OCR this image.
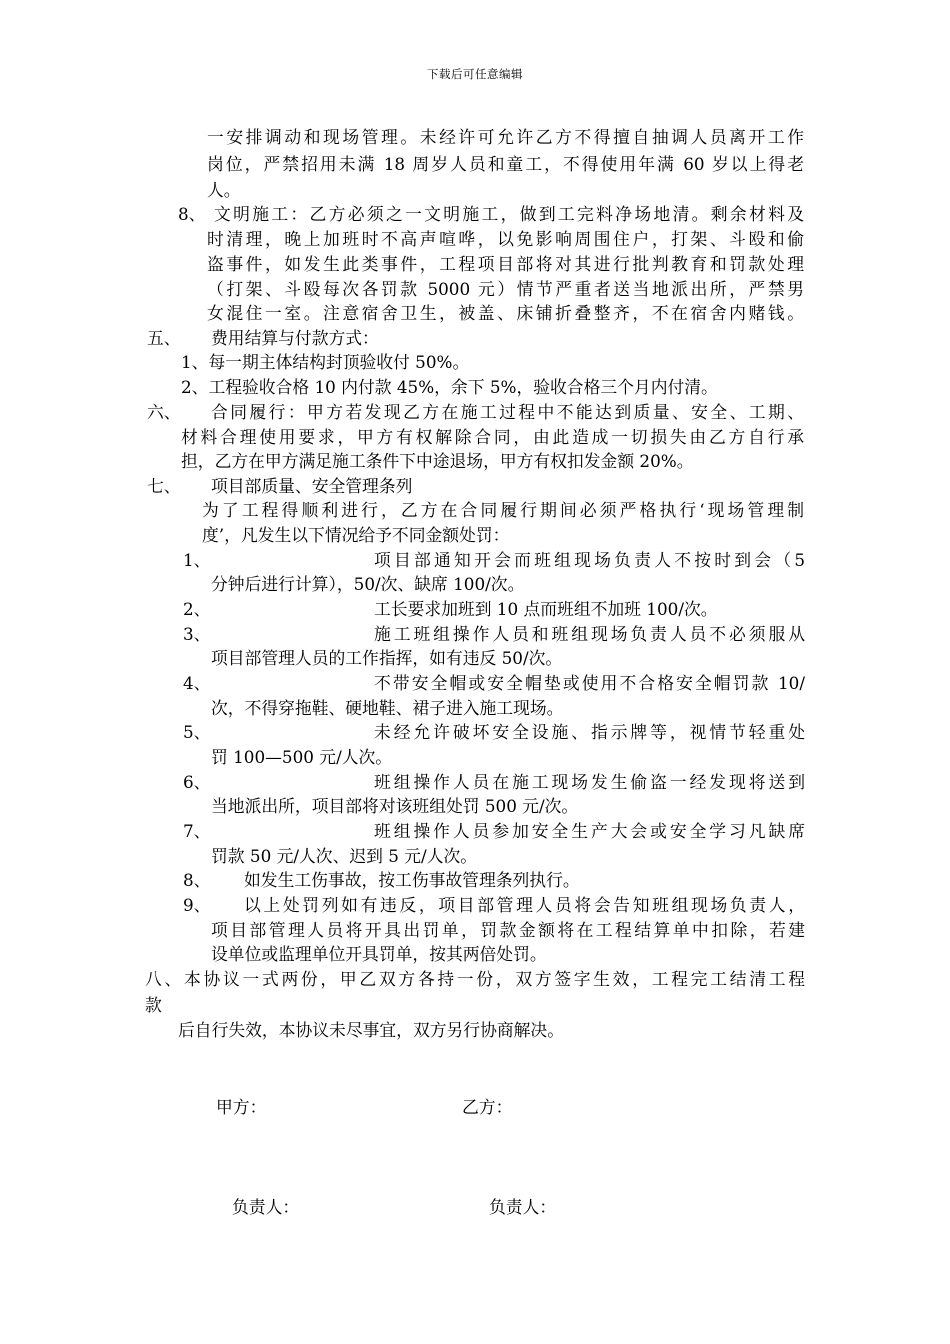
下载后可任意编辑
一安排调动和现场管理。未经许可允许乙方不得擅自抽调人员离开工作
岗位，严禁招用未满 18 周岁人员和童工，不得使用年满 60 岁以上得老
人。
8、 文明施工：乙方必须之一文明施工，做到工完料净场地清。剩余材料及
时清理，晚上加班时不高声喧哗，以免影响周围住户，打架、斗殴和偷
盗事件，如发生此类事件，工程项目部将对其进行批判教育和罚款处理
（打架、斗殴每次各罚款 5000 元）情节严重者送当地派出所，严禁男
女混住一室。注意宿舍卫生，被盖、床铺折叠整齐，不在宿舍内赌钱。
五、 费用结算与付款方式：
1、每一期主体结构封顶验收付 50%。
2、工程验收合格 10 内付款 45%，余下 5%，验收合格三个月内付清。
六、 合同履行：甲方若发现乙方在施工过程中不能达到质量、安全、工期、
材料合理使用要求，甲方有权解除合同，由此造成一切损失由乙方自行承
担，乙方在甲方满足施工条件下中途退场，甲方有权扣发金额 20%。
七、 项目部质量、安全管理条列
为了工程得顺利进行，乙方在合同履行期间必须严格执行‘现场管理制
度’，凡发生以下情况给予不同金额处罚：
1、	项目部通知开会而班组现场负责人不按时到会（5
分钟后进行计算），50/次、缺席 100/次。
2、	工长要求加班到 10 点而班组不加班 100/次。
3、	施工班组操作人员和班组现场负责人员不必须服从
项目部管理人员的工作指挥，如有违反 50/次。
4、	不带安全帽或安全帽垫或使用不合格安全帽罚款 10/
次，不得穿拖鞋、硬地鞋、裙子进入施工现场。
5、	未经允许破坏安全设施、指示牌等，视情节轻重处
罚 100—500 元/人次。
6、	班组操作人员在施工现场发生偷盗一经发现将送到
当地派出所，项目部将对该班组处罚 500 元/次。
7、	班组操作人员参加安全生产大会或安全学习凡缺席
罚款 50 元/人次、迟到 5 元/人次。
8、 如发生工伤事故，按工伤事故管理条列执行。
9、 以上处罚列如有违反，项目部管理人员将会告知班组现场负责人，
项目部管理人员将开具出罚单，罚款金额将在工程结算单中扣除，若建
设单位或监理单位开具罚单，按其两倍处罚。
八、本协议一式两份，甲乙双方各持一份，双方签字生效，工程完工结清工程
款
后自行失效，本协议未尽事宜，双方另行协商解决。
甲方：	乙方：
负责人：	负责人：
